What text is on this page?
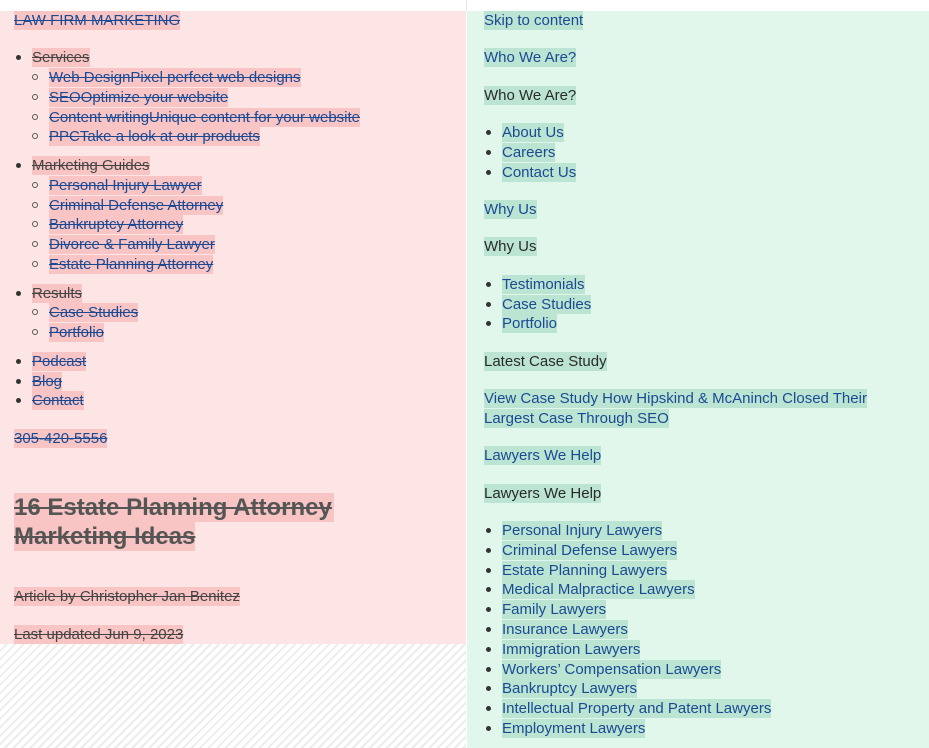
LAW FIRM MARKETING
Services
Web DesignPixel perfect web designs
SEOOptimize your website
Content writingUnique content for your website
PPCTake a look at our products
Marketing Guides
Personal Injury Lawyer
Criminal Defense Attorney
Bankruptcy Attorney
Divorce & Family Lawyer
Estate Planning Attorney
Results
Case Studies
Portfolio
Podcast
Blog
Contact
305-420-5556
16 Estate Planning Attorney
Marketing Ideas
Article by Christopher Jan Benitez
Last updated Jun 9, 2023
Skip to content
Who We Are?
Who We Are?
About Us
Careers
Contact Us
Why Us
Why Us
Testimonials
Case Studies
Portfolio
Latest Case Study
View Case Study How Hipskind & McAninch Closed Their
Largest Case Through SEO
Lawyers We Help
Lawyers We Help
Personal Injury Lawyers
Criminal Defense Lawyers
Estate Planning Lawyers
Medical Malpractice Lawyers
Family Lawyers
Insurance Lawyers
Immigration Lawyers
Workers’ Compensation Lawyers
Bankruptcy Lawyers
Intellectual Property and Patent Lawyers
Employment Lawyers
